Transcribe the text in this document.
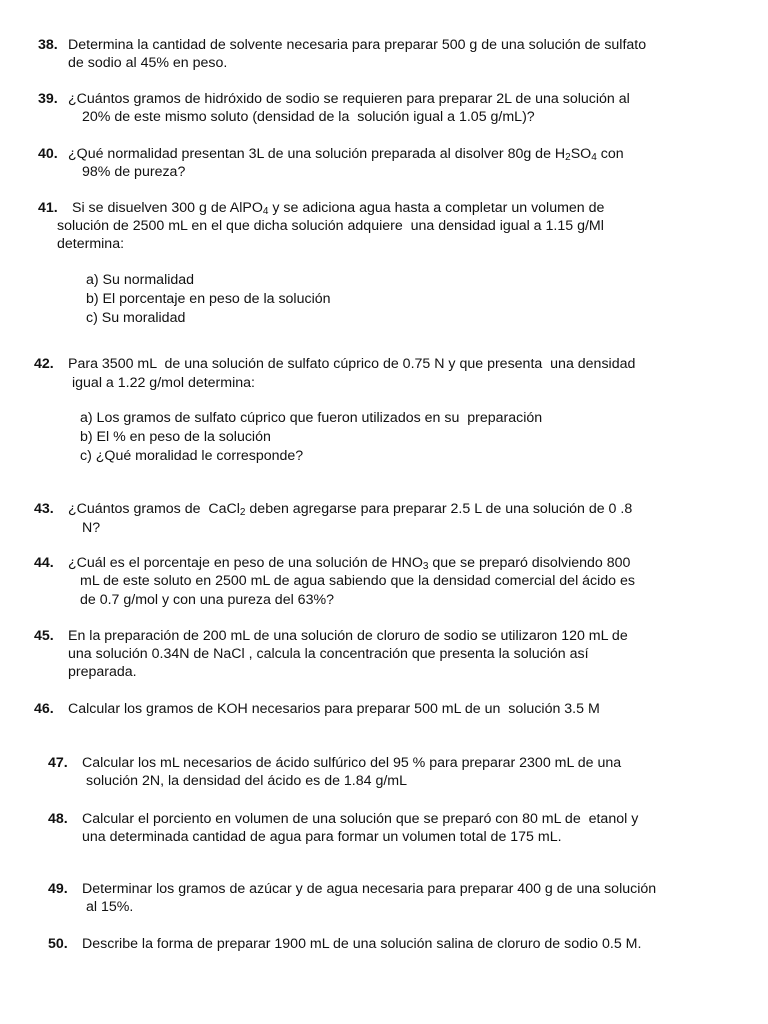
38. Determina la cantidad de solvente necesaria para preparar 500 g de una solución de sulfato
de sodio al 45% en peso.
39. ¿Cuántos gramos de hidróxido de sodio se requieren para preparar 2L de una solución al
20% de este mismo soluto (densidad de la  solución igual a 1.05 g/mL)?
40. ¿Qué normalidad presentan 3L de una solución preparada al disolver 80g de $H_2SO_4$ con
98% de pureza?
41. Si se disuelven 300 g de AlPO$_4$ y se adiciona agua hasta a completar un volumen de
solución de 2500 mL en el que dicha solución adquiere  una densidad igual a 1.15 g/Ml
determina:
a) Su normalidad
b) El porcentaje en peso de la solución
c) Su moralidad
42. Para 3500 mL  de una solución de sulfato cúprico de 0.75 N y que presenta  una densidad
igual a 1.22 g/mol determina:
a) Los gramos de sulfato cúprico que fueron utilizados en su  preparación
b) El % en peso de la solución
c) ¿Qué moralidad le corresponde?
43. ¿Cuántos gramos de  CaCl$_2$ deben agregarse para preparar 2.5 L de una solución de 0 .8
N?
44. ¿Cuál es el porcentaje en peso de una solución de $HNO_3$ que se preparó disolviendo 800
mL de este soluto en 2500 mL de agua sabiendo que la densidad comercial del ácido es
de 0.7 g/mol y con una pureza del 63%?
45. En la preparación de 200 mL de una solución de cloruro de sodio se utilizaron 120 mL de
una solución 0.34N de NaCl , calcula la concentración que presenta la solución así
preparada.
46. Calcular los gramos de KOH necesarios para preparar 500 mL de un  solución 3.5 M
47. Calcular los mL necesarios de ácido sulfúrico del 95 % para preparar 2300 mL de una
solución 2N, la densidad del ácido es de 1.84 g/mL
48. Calcular el porciento en volumen de una solución que se preparó con 80 mL de  etanol y
una determinada cantidad de agua para formar un volumen total de 175 mL.
49. Determinar los gramos de azúcar y de agua necesaria para preparar 400 g de una solución
al 15%.
50. Describe la forma de preparar 1900 mL de una solución salina de cloruro de sodio 0.5 M.
